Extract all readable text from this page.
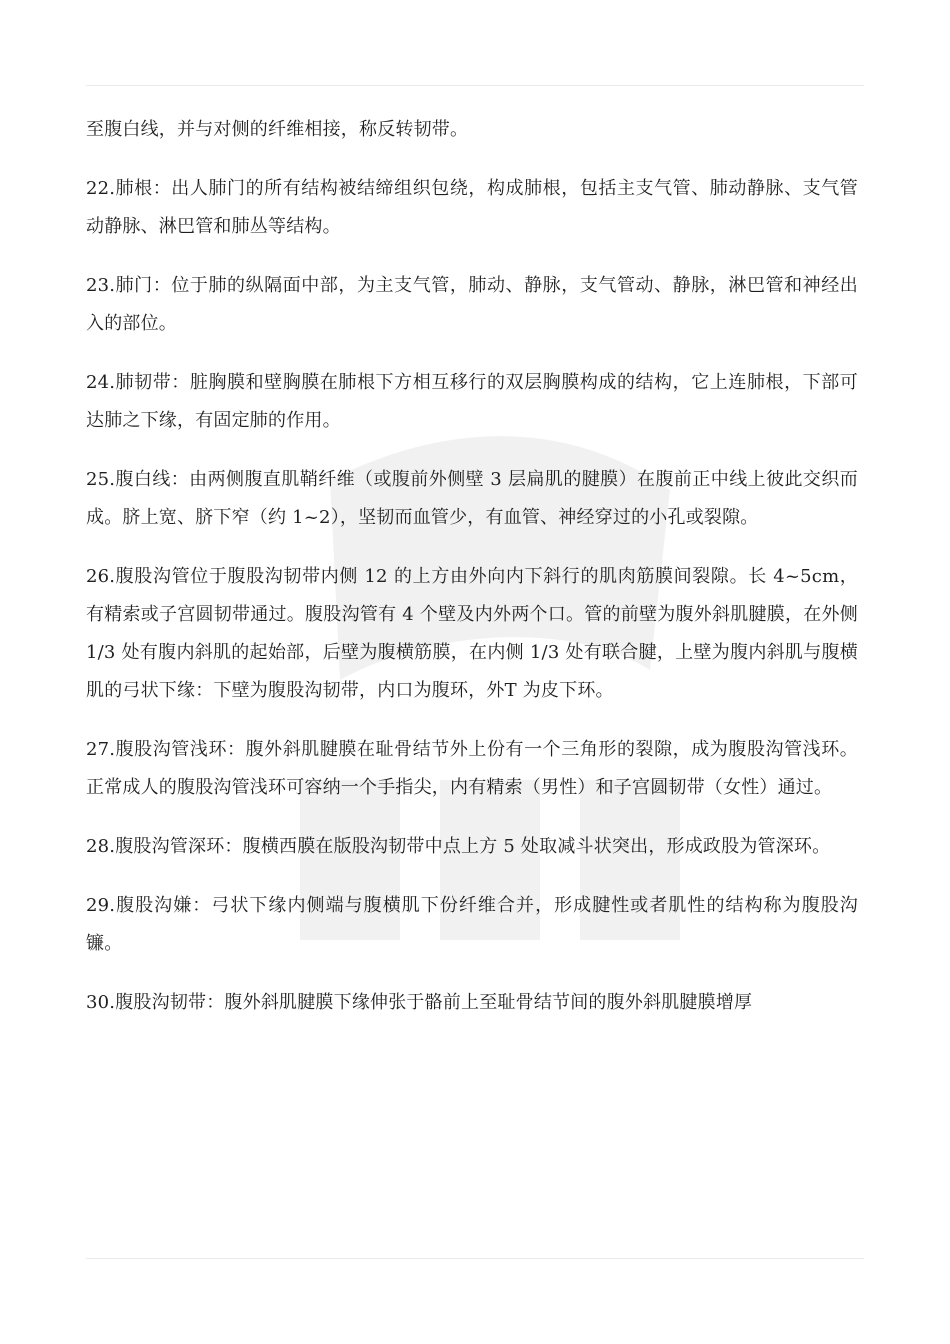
至腹白线，并与对侧的纤维相接，称反转韧带。

22.肺根：出人肺门的所有结构被结缔组织包绕，构成肺根，包括主支气管、肺动静脉、支气管动静脉、淋巴管和肺丛等结构。

23.肺门：位于肺的纵隔面中部，为主支气管，肺动、静脉，支气管动、静脉，淋巴管和神经出入的部位。

24.肺韧带：脏胸膜和壁胸膜在肺根下方相互移行的双层胸膜构成的结构，它上连肺根，下部可达肺之下缘，有固定肺的作用。

25.腹白线：由两侧腹直肌鞘纤维（或腹前外侧壁 3 层扁肌的腱膜）在腹前正中线上彼此交织而成。脐上宽、脐下窄（约 1~2），坚韧而血管少，有血管、神经穿过的小孔或裂隙。

26.腹股沟管位于腹股沟韧带内侧 12 的上方由外向内下斜行的肌肉筋膜间裂隙。长 4~5cm，有精索或子宫圆韧带通过。腹股沟管有 4 个壁及内外两个口。管的前壁为腹外斜肌腱膜，在外侧 1/3 处有腹内斜肌的起始部，后壁为腹横筋膜，在内侧 1/3 处有联合腱，上壁为腹内斜肌与腹横肌的弓状下缘：下壁为腹股沟韧带，内口为腹环，外T 为皮下环。

27.腹股沟管浅环：腹外斜肌腱膜在耻骨结节外上份有一个三角形的裂隙，成为腹股沟管浅环。正常成人的腹股沟管浅环可容纳一个手指尖，内有精索（男性）和子宫圆韧带（女性）通过。

28.腹股沟管深环：腹横西膜在版股沟韧带中点上方 5 处取减斗状突出，形成政股为管深环。

29.腹股沟嫌：弓状下缘内侧端与腹横肌下份纤维合并，形成腱性或者肌性的结构称为腹股沟镰。

30.腹股沟韧带：腹外斜肌腱膜下缘伸张于骼前上至耻骨结节间的腹外斜肌腱膜增厚
